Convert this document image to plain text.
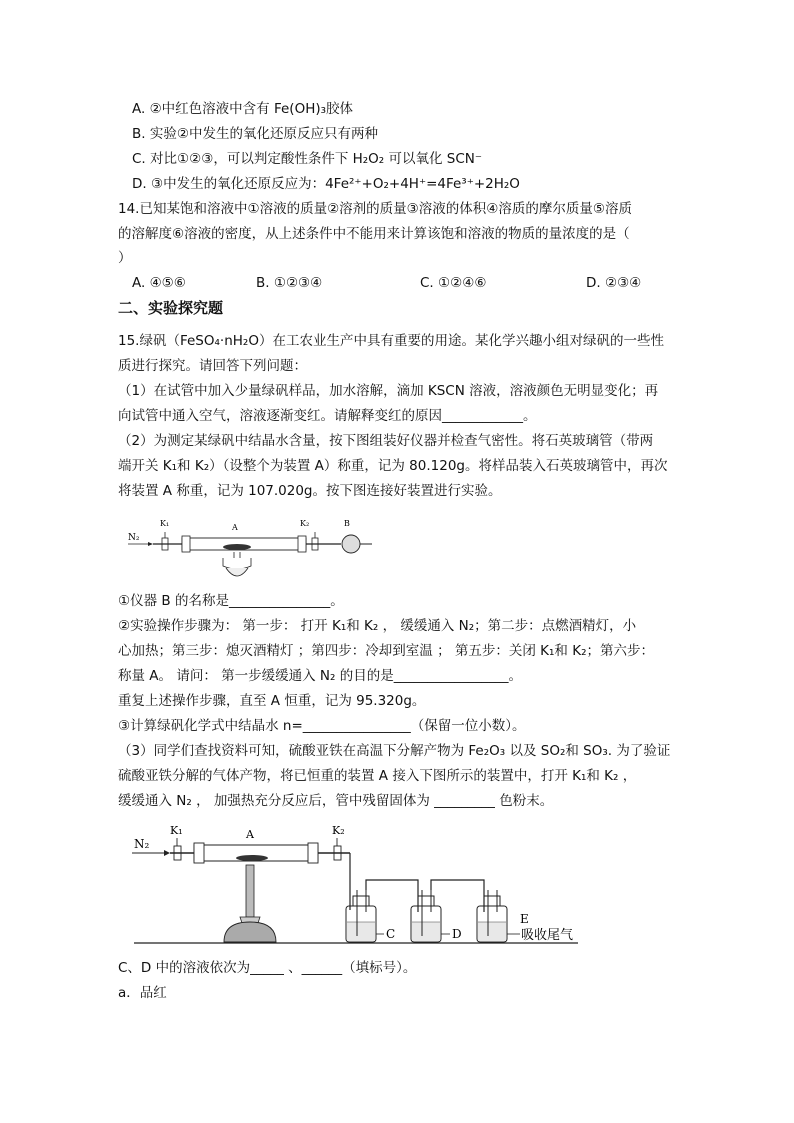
A. ②中红色溶液中含有 Fe(OH)₃胶体
B. 实验②中发生的氧化还原反应只有两种
C. 对比①②③，可以判定酸性条件下 H₂O₂ 可以氧化 SCN⁻
D. ③中发生的氧化还原反应为：4Fe²⁺+O₂+4H⁺=4Fe³⁺+2H₂O
14.已知某饱和溶液中①溶液的质量②溶剂的质量③溶液的体积④溶质的摩尔质量⑤溶质
的溶解度⑥溶液的密度，从上述条件中不能用来计算该饱和溶液的物质的量浓度的是（
）
A. ④⑤⑥	B. ①②③④	C. ①②④⑥	D. ②③④
二、实验探究题
15.绿矾（FeSO₄·nH₂O）在工农业生产中具有重要的用途。某化学兴趣小组对绿矾的一些性
质进行探究。请回答下列问题：
（1）在试管中加入少量绿矾样品，加水溶解，滴加 KSCN 溶液，溶液颜色无明显变化；再
向试管中通入空气，溶液逐渐变红。请解释变红的原因____________。
（2）为测定某绿矾中结晶水含量，按下图组装好仪器并检查气密性。将石英玻璃管（带两
端开关 K₁和 K₂）（设整个为装置 A）称重，记为 80.120g。将样品装入石英玻璃管中，再次
将装置 A 称重，记为 107.020g。按下图连接好装置进行实验。
N₂
K₁	A	K₂	B
①仪器 B 的名称是_______________。
②实验操作步骤为： 第一步： 打开 K₁和 K₂ ， 缓缓通入 N₂；第二步：点燃酒精灯，小
心加热；第三步：熄灭酒精灯 ；第四步：冷却到室温 ； 第五步：关闭 K₁和 K₂；第六步：
称量 A。 请问： 第一步缓缓通入 N₂ 的目的是_________________。
重复上述操作步骤，直至 A 恒重，记为 95.320g。
③计算绿矾化学式中结晶水 n=________________（保留一位小数）。
（3）同学们查找资料可知，硫酸亚铁在高温下分解产物为 Fe₂O₃ 以及 SO₂和 SO₃. 为了验证
硫酸亚铁分解的气体产物，将已恒重的装置 A 接入下图所示的装置中，打开 K₁和 K₂ ，
缓缓通入 N₂ ， 加强热充分反应后，管中残留固体为 _________ 色粉末。
N₂
K₁	A	K₂
C	D
E
吸收尾气
C、D 中的溶液依次为_____ 、______（填标号）。
a．品红
